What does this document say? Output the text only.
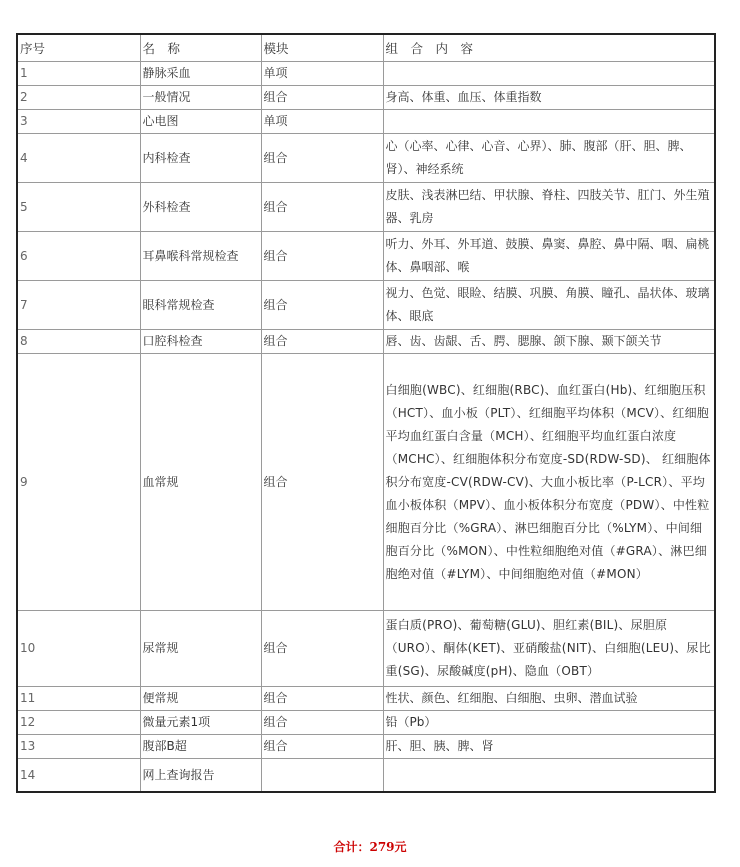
序号	名　称	模块	组　合　内　容
1	静脉采血	单项	
2	一般情况	组合	身高、体重、血压、体重指数
3	心电图	单项	
4	内科检查	组合	心（心率、心律、心音、心界）、肺、腹部（肝、胆、脾、肾）、神经系统
5	外科检查	组合	皮肤、浅表淋巴结、甲状腺、脊柱、四肢关节、肛门、外生殖器、乳房
6	耳鼻喉科常规检查	组合	听力、外耳、外耳道、鼓膜、鼻窦、鼻腔、鼻中隔、咽、扁桃体、鼻咽部、喉
7	眼科常规检查	组合	视力、色觉、眼睑、结膜、巩膜、角膜、瞳孔、晶状体、玻璃体、眼底
8	口腔科检查	组合	唇、齿、齿龈、舌、腭、腮腺、颌下腺、颞下颌关节
9	血常规	组合	白细胞(WBC)、红细胞(RBC)、血红蛋白(Hb)、红细胞压积（HCT）、血小板（PLT）、红细胞平均体积（MCV）、红细胞平均血红蛋白含量（MCH）、红细胞平均血红蛋白浓度（MCHC）、红细胞体积分布宽度-SD(RDW-SD)、 红细胞体积分布宽度-CV(RDW-CV)、大血小板比率（P-LCR）、平均血小板体积（MPV）、血小板体积分布宽度（PDW）、中性粒细胞百分比（%GRA）、淋巴细胞百分比（%LYM）、中间细胞百分比（%MON）、中性粒细胞绝对值（#GRA）、淋巴细胞绝对值（#LYM）、中间细胞绝对值（#MON）
10	尿常规	组合	蛋白质(PRO)、葡萄糖(GLU)、胆红素(BIL)、尿胆原（URO）、酮体(KET)、亚硝酸盐(NIT)、白细胞(LEU)、尿比重(SG)、尿酸碱度(pH)、隐血（OBT）
11	便常规	组合	性状、颜色、红细胞、白细胞、虫卵、潜血试验
12	微量元素1项	组合	铅（Pb）
13	腹部B超	组合	肝、胆、胰、脾、肾
14	网上查询报告		
合计：279元
